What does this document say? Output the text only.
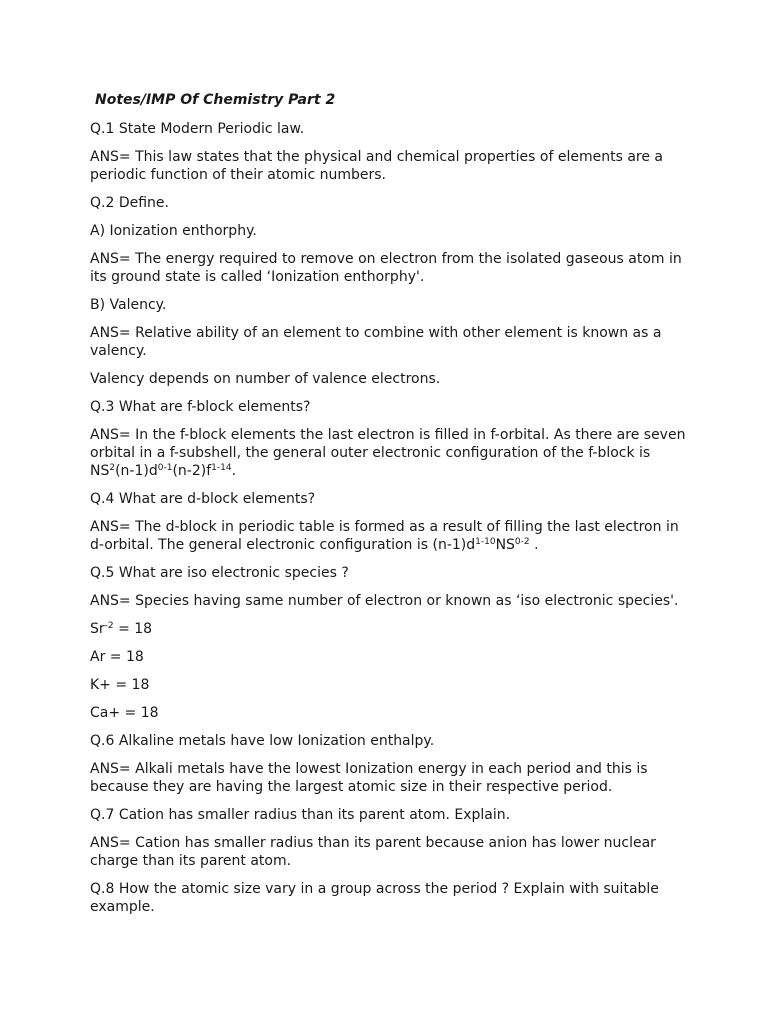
Notes/IMP Of Chemistry Part 2

Q.1 State Modern Periodic law.

ANS= This law states that the physical and chemical properties of elements are a periodic function of their atomic numbers.

Q.2 Define.

A) Ionization enthorphy.

ANS= The energy required to remove on electron from the isolated gaseous atom in its ground state is called ‘Ionization enthorphy'.

B) Valency.

ANS= Relative ability of an element to combine with other element is known as a valency.

Valency depends on number of valence electrons.

Q.3 What are f-block elements?

ANS= In the f-block elements the last electron is filled in f-orbital. As there are seven orbital in a f-subshell, the general outer electronic configuration of the f-block is $NS^2(n-1)d^{0-1}(n-2)f^{1-14}$.

Q.4 What are d-block elements?

ANS= The d-block in periodic table is formed as a result of filling the last electron in d-orbital. The general electronic configuration is $(n-1)d^{1-10}NS^{0-2}$ .

Q.5 What are iso electronic species ?

ANS= Species having same number of electron or known as ‘iso electronic species'.

$Sr^{-2} = 18$

Ar = 18

K+ = 18

Ca+ = 18

Q.6 Alkaline metals have low Ionization enthalpy.

ANS= Alkali metals have the lowest Ionization energy in each period and this is because they are having the largest atomic size in their respective period.

Q.7 Cation has smaller radius than its parent atom. Explain.

ANS= Cation has smaller radius than its parent because anion has lower nuclear charge than its parent atom.

Q.8 How the atomic size vary in a group across the period ? Explain with suitable example.
